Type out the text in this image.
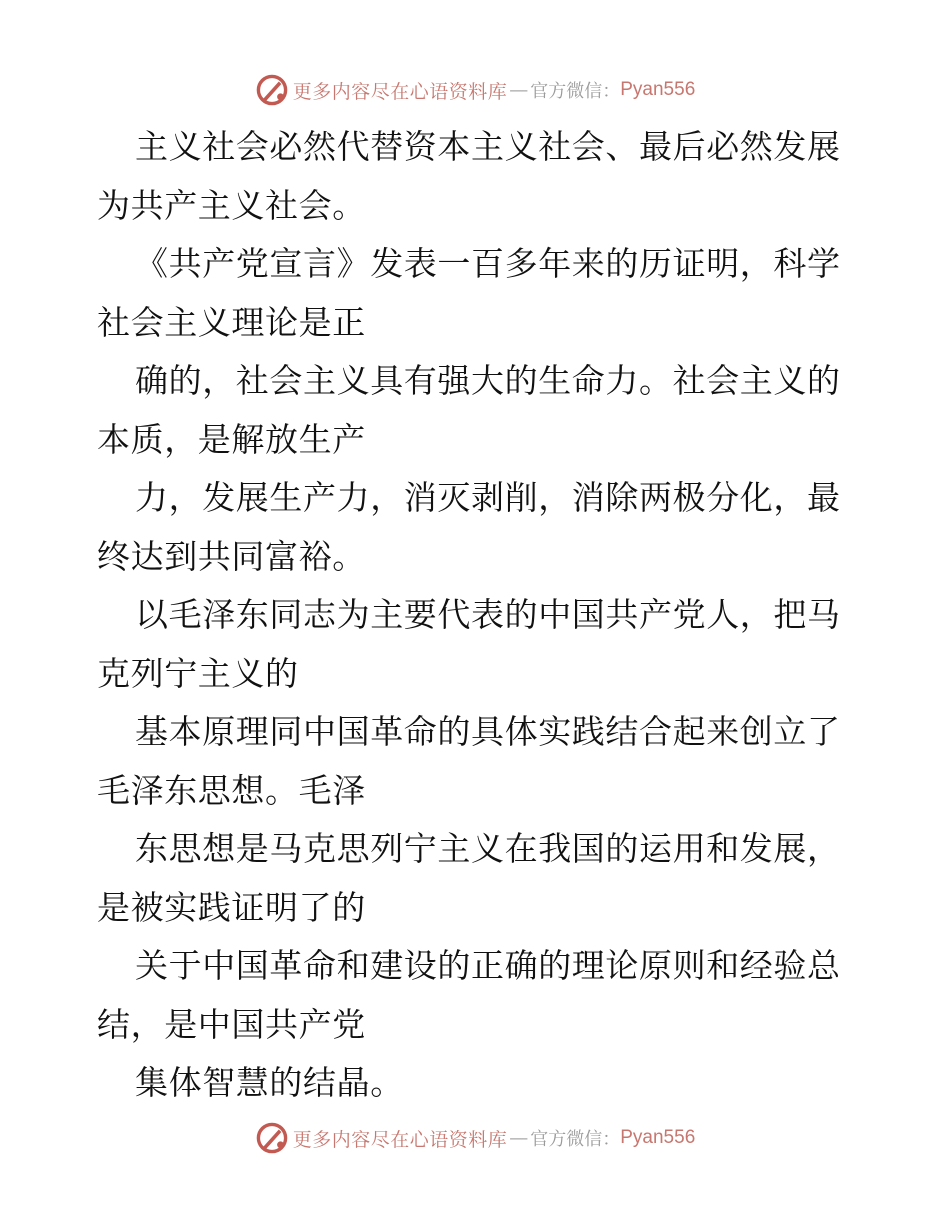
更多内容尽在心语资料库 — 官方微信： Pyan556
主义社会必然代替资本主义社会、最后必然发展
为共产主义社会。
《共产党宣言》发表一百多年来的历证明，科学
社会主义理论是正
确的，社会主义具有强大的生命力。社会主义的
本质，是解放生产
力，发展生产力，消灭剥削，消除两极分化，最
终达到共同富裕。
以毛泽东同志为主要代表的中国共产党人，把马
克列宁主义的
基本原理同中国革命的具体实践结合起来创立了
毛泽东思想。毛泽
东思想是马克思列宁主义在我国的运用和发展，
是被实践证明了的
关于中国革命和建设的正确的理论原则和经验总
结，是中国共产党
集体智慧的结晶。
更多内容尽在心语资料库 — 官方微信： Pyan556
